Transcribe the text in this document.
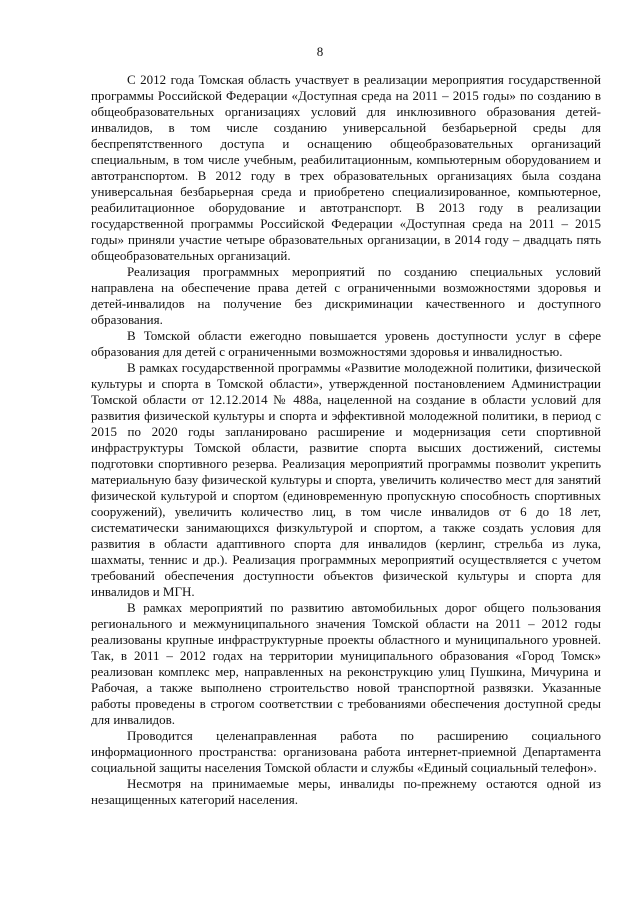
8

С 2012 года Томская область участвует в реализации мероприятия государственной программы Российской Федерации «Доступная среда на 2011 – 2015 годы» по созданию в общеобразовательных организациях условий для инклюзивного образования детей-инвалидов, в том числе созданию универсальной безбарьерной среды для беспрепятственного доступа и оснащению общеобразовательных организаций специальным, в том числе учебным, реабилитационным, компьютерным оборудованием и автотранспортом. В 2012 году в трех образовательных организациях была создана универсальная безбарьерная среда и приобретено специализированное, компьютерное, реабилитационное оборудование и автотранспорт. В 2013 году в реализации государственной программы Российской Федерации «Доступная среда на 2011 – 2015 годы» приняли участие четыре образовательных организации, в 2014 году – двадцать пять общеобразовательных организаций.

Реализация программных мероприятий по созданию специальных условий направлена на обеспечение права детей с ограниченными возможностями здоровья и детей-инвалидов на получение без дискриминации качественного и доступного образования.

В Томской области ежегодно повышается уровень доступности услуг в сфере образования для детей с ограниченными возможностями здоровья и инвалидностью.

В рамках государственной программы «Развитие молодежной политики, физической культуры и спорта в Томской области», утвержденной постановлением Администрации Томской области от 12.12.2014 № 488а, нацеленной на создание в области условий для развития физической культуры и спорта и эффективной молодежной политики, в период с 2015 по 2020 годы запланировано расширение и модернизация сети спортивной инфраструктуры Томской области, развитие спорта высших достижений, системы подготовки спортивного резерва. Реализация мероприятий программы позволит укрепить материальную базу физической культуры и спорта, увеличить количество мест для занятий физической культурой и спортом (единовременную пропускную способность спортивных сооружений), увеличить количество лиц, в том числе инвалидов от 6 до 18 лет, систематически занимающихся физкультурой и спортом, а также создать условия для развития в области адаптивного спорта для инвалидов (керлинг, стрельба из лука, шахматы, теннис и др.). Реализация программных мероприятий осуществляется с учетом требований обеспечения доступности объектов физической культуры и спорта для инвалидов и МГН.

В рамках мероприятий по развитию автомобильных дорог общего пользования регионального и межмуниципального значения Томской области на 2011 – 2012 годы реализованы крупные инфраструктурные проекты областного и муниципального уровней. Так, в 2011 – 2012 годах на территории муниципального образования «Город Томск» реализован комплекс мер, направленных на реконструкцию улиц Пушкина, Мичурина и Рабочая, а также выполнено строительство новой транспортной развязки. Указанные работы проведены в строгом соответствии с требованиями обеспечения доступной среды для инвалидов.

Проводится целенаправленная работа по расширению социального информационного пространства: организована работа интернет-приемной Департамента социальной защиты населения Томской области и службы «Единый социальный телефон».

Несмотря на принимаемые меры, инвалиды по-прежнему остаются одной из незащищенных категорий населения.
